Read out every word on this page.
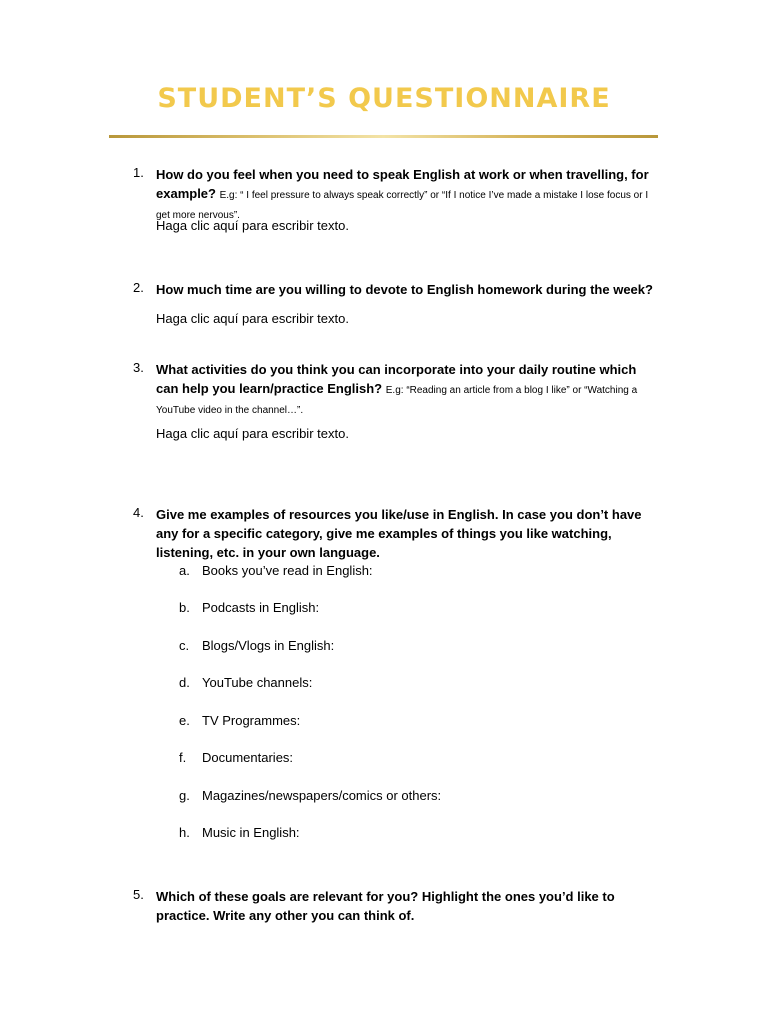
STUDENT’S QUESTIONNAIRE
1. How do you feel when you need to speak English at work or when travelling, for example? E.g: “ I feel pressure to always speak correctly” or “If I notice I’ve made a mistake I lose focus or I get more nervous”.
Haga clic aquí para escribir texto.
2. How much time are you willing to devote to English homework during the week?
Haga clic aquí para escribir texto.
3. What activities do you think you can incorporate into your daily routine which can help you learn/practice English? E.g: “Reading an article from a blog I like” or “Watching a YouTube video in the channel…”.
Haga clic aquí para escribir texto.
4. Give me examples of resources you like/use in English. In case you don’t have any for a specific category, give me examples of things you like watching, listening, etc. in your own language.
a. Books you’ve read in English:
b. Podcasts in English:
c. Blogs/Vlogs in English:
d. YouTube channels:
e. TV Programmes:
f. Documentaries:
g. Magazines/newspapers/comics or others:
h. Music in English:
5. Which of these goals are relevant for you? Highlight the ones you’d like to practice. Write any other you can think of.
